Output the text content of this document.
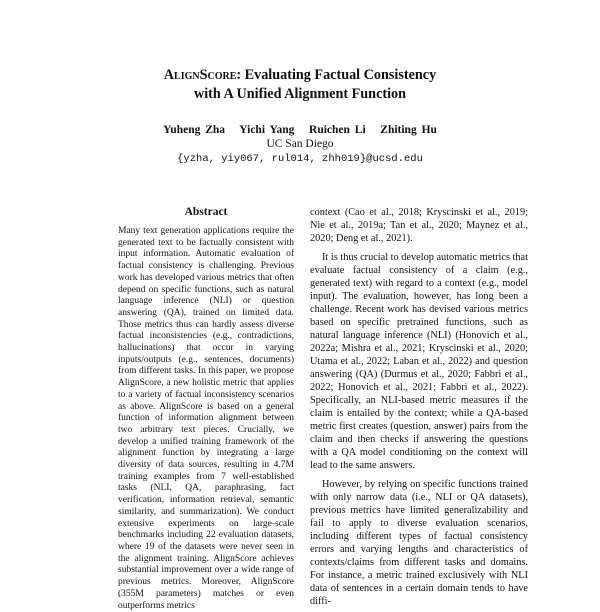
AlignScore: Evaluating Factual Consistency
with A Unified Alignment Function
Yuheng Zha   Yichi Yang   Ruichen Li   Zhiting Hu
UC San Diego
{yzha, yiy067, rul014, zhh019}@ucsd.edu
Abstract

Many text generation applications require the generated text to be factually consistent with input information. Automatic evaluation of factual consistency is challenging. Previous work has developed various metrics that often depend on specific functions, such as natural language inference (NLI) or question answering (QA), trained on limited data. Those metrics thus can hardly assess diverse factual inconsistencies (e.g., contradictions, hallucinations) that occur in varying inputs/outputs (e.g., sentences, documents) from different tasks. In this paper, we propose AlignScore, a new holistic metric that applies to a variety of factual inconsistency scenarios as above. AlignScore is based on a general function of information alignment between two arbitrary text pieces. Crucially, we develop a unified training framework of the alignment function by integrating a large diversity of data sources, resulting in 4.7M training examples from 7 well-established tasks (NLI, QA, paraphrasing, fact verification, information retrieval, semantic similarity, and summarization). We conduct extensive experiments on large-scale benchmarks including 22 evaluation datasets, where 19 of the datasets were never seen in the alignment training. AlignScore achieves substantial improvement over a wide range of previous metrics. Moreover, AlignScore (355M parameters) matches or even outperforms metrics

context (Cao et al., 2018; Kryscinski et al., 2019; Nie et al., 2019a; Tan et al., 2020; Maynez et al., 2020; Deng et al., 2021).

It is thus crucial to develop automatic metrics that evaluate factual consistency of a claim (e.g., generated text) with regard to a context (e.g., model input). The evaluation, however, has long been a challenge. Recent work has devised various metrics based on specific pretrained functions, such as natural language inference (NLI) (Honovich et al., 2022a; Mishra et al., 2021; Kryscinski et al., 2020; Utama et al., 2022; Laban et al., 2022) and question answering (QA) (Durmus et al., 2020; Fabbri et al., 2022; Honovich et al., 2021; Fabbri et al., 2022). Specifically, an NLI-based metric measures if the claim is entailed by the context; while a QA-based metric first creates (question, answer) pairs from the claim and then checks if answering the questions with a QA model conditioning on the context will lead to the same answers.

However, by relying on specific functions trained with only narrow data (i.e., NLI or QA datasets), previous metrics have limited generalizability and fail to apply to diverse evaluation scenarios, including different types of factual consistency errors and varying lengths and characteristics of contexts/claims from different tasks and domains. For instance, a metric trained exclusively with NLI data of sentences in a certain domain tends to have diffi-
